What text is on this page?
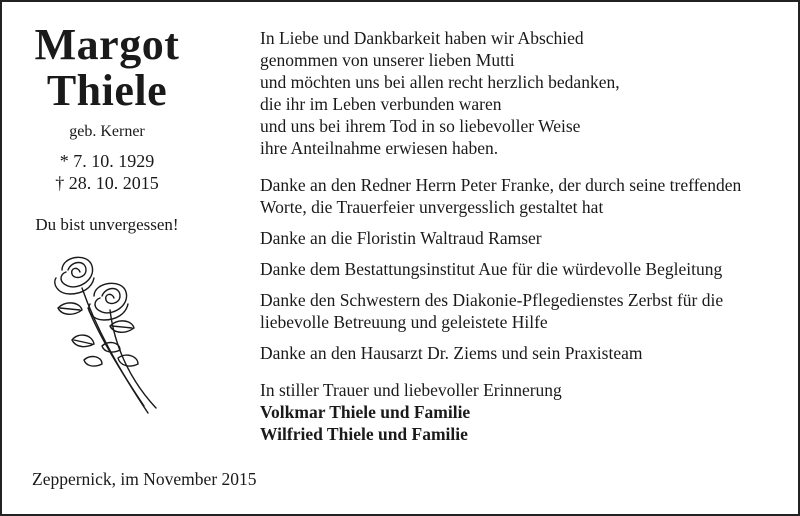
Margot
Thiele
geb. Kerner
* 7. 10. 1929
† 28. 10. 2015
Du bist unvergessen!

In Liebe und Dankbarkeit haben wir Abschied

genommen von unserer lieben Mutti

und möchten uns bei allen recht herzlich bedanken,

die ihr im Leben verbunden waren

und uns bei ihrem Tod in so liebevoller Weise

ihre Anteilnahme erwiesen haben.

Danke an den Redner Herrn Peter Franke, der durch seine treffenden

Worte, die Trauerfeier unvergesslich gestaltet hat

Danke an die Floristin Waltraud Ramser

Danke dem Bestattungsinstitut Aue für die würdevolle Begleitung

Danke den Schwestern des Diakonie-Pflegedienstes Zerbst für die

liebevolle Betreuung und geleistete Hilfe

Danke an den Hausarzt Dr. Ziems und sein Praxisteam

In stiller Trauer und liebevoller Erinnerung

Volkmar Thiele und Familie

Wilfried Thiele und Familie

Zeppernick, im November 2015
